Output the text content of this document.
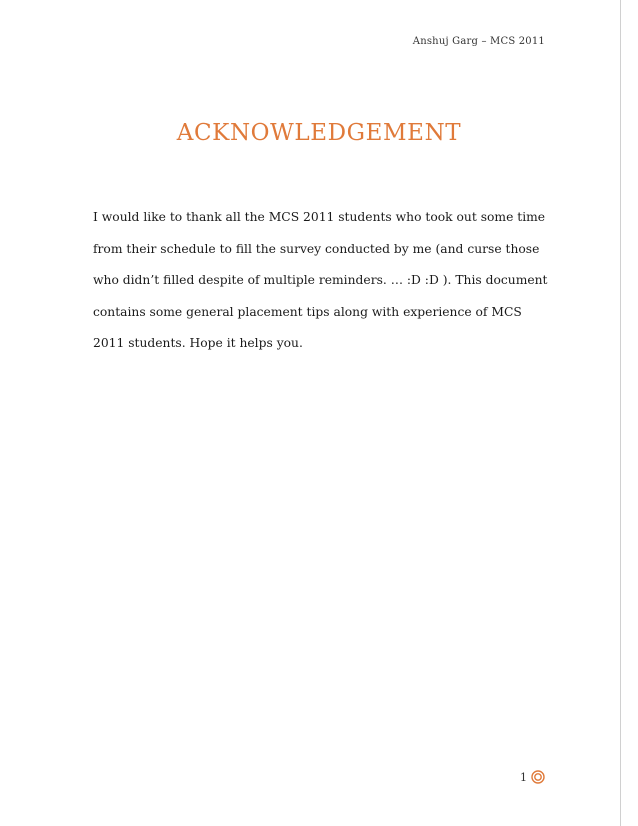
Anshuj Garg – MCS 2011
ACKNOWLEDGEMENT
I would like to thank all the MCS 2011 students who took out some time from their schedule to fill the survey conducted by me (and curse those who didn’t filled despite of multiple reminders. … :D :D ). This document contains some general placement tips along with experience of MCS 2011 students. Hope it helps you.
1
